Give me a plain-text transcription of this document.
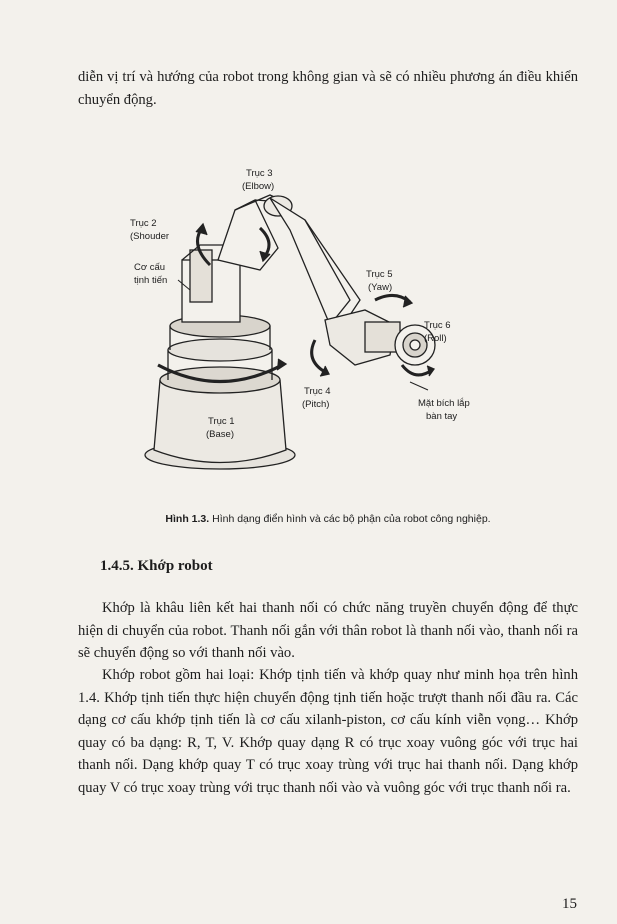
diễn vị trí và hướng của robot trong không gian và sẽ có nhiều phương án điều khiển chuyển động.

Trục 3
(Elbow)
Trục 2
(Shouder
Cơ cấu
tịnh tiến
Trục 5
(Yaw)
Trục 6
(Roll)
Trục 4
(Pitch)
Trục 1
(Base)
Mặt bích lắp
bàn tay
Hình 1.3. Hình dạng điển hình và các bộ phận của robot công nghiệp.
1.4.5. Khớp robot

Khớp là khâu liên kết hai thanh nối có chức năng truyền chuyển động để thực hiện di chuyển của robot. Thanh nối gắn với thân robot là thanh nối vào, thanh nối ra sẽ chuyển động so với thanh nối vào.

Khớp robot gồm hai loại: Khớp tịnh tiến và khớp quay như minh họa trên hình 1.4. Khớp tịnh tiến thực hiện chuyển động tịnh tiến hoặc trượt thanh nối đầu ra. Các dạng cơ cấu khớp tịnh tiến là cơ cấu xilanh-piston, cơ cấu kính viễn vọng… Khớp quay có ba dạng: R, T, V. Khớp quay dạng R có trục xoay vuông góc với trục hai thanh nối. Dạng khớp quay T có trục xoay trùng với trục hai thanh nối. Dạng khớp quay V có trục xoay trùng với trục thanh nối vào và vuông góc với trục thanh nối ra.

15
